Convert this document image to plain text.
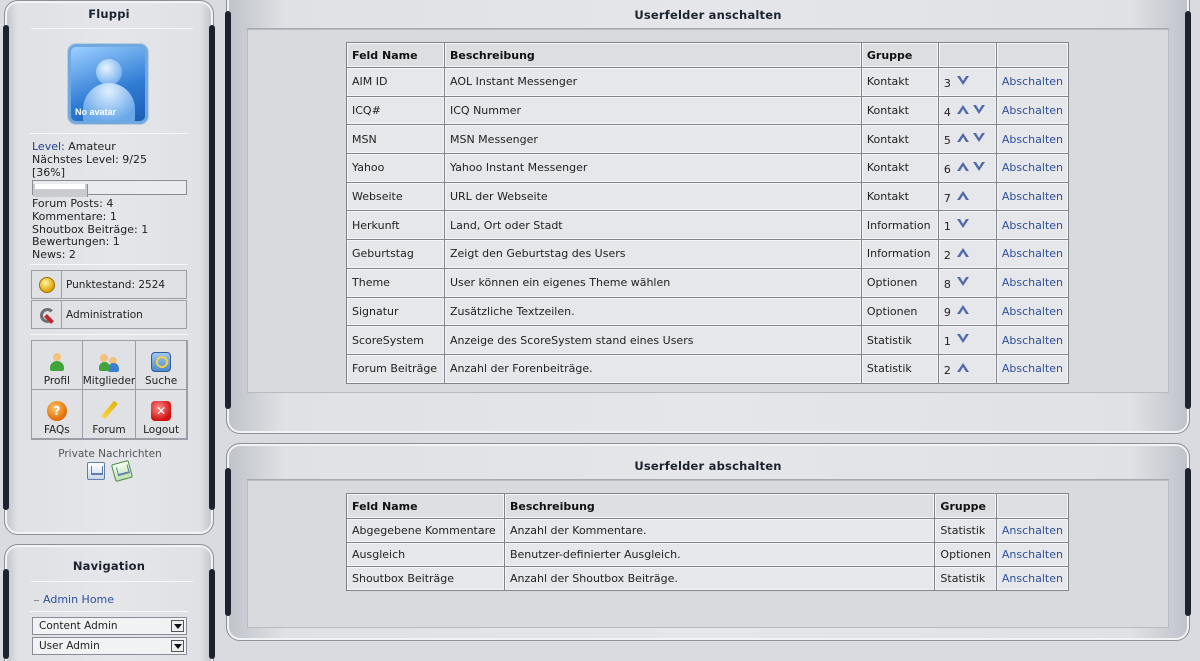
Fluppi
No avatar
Level: Amateur
Nächstes Level: 9/25
[36%]
Forum Posts: 4
Kommentare: 1
Shoutbox Beiträge: 1
Bewertungen: 1
News: 2
Punktestand: 2524
Administration
Profil Mitglieder Suche
?
FAQs Forum
✕
Logout
Private Nachrichten
Navigation
Admin Home
Content Admin
User Admin
Userfelder anschalten
Feld Name	Beschreibung	Gruppe		
AIM ID	AOL Instant Messenger	Kontakt	3	Abschalten
ICQ#	ICQ Nummer	Kontakt	4	Abschalten
MSN	MSN Messenger	Kontakt	5	Abschalten
Yahoo	Yahoo Instant Messenger	Kontakt	6	Abschalten
Webseite	URL der Webseite	Kontakt	7	Abschalten
Herkunft	Land, Ort oder Stadt	Information	1	Abschalten
Geburtstag	Zeigt den Geburtstag des Users	Information	2	Abschalten
Theme	User können ein eigenes Theme wählen	Optionen	8	Abschalten
Signatur	Zusätzliche Textzeilen.	Optionen	9	Abschalten
ScoreSystem	Anzeige des ScoreSystem stand eines Users	Statistik	1	Abschalten
Forum Beiträge	Anzahl der Forenbeiträge.	Statistik	2	Abschalten
Userfelder abschalten
Feld Name	Beschreibung	Gruppe	
Abgegebene Kommentare	Anzahl der Kommentare.	Statistik	Anschalten
Ausgleich	Benutzer-definierter Ausgleich.	Optionen	Anschalten
Shoutbox Beiträge	Anzahl der Shoutbox Beiträge.	Statistik	Anschalten
